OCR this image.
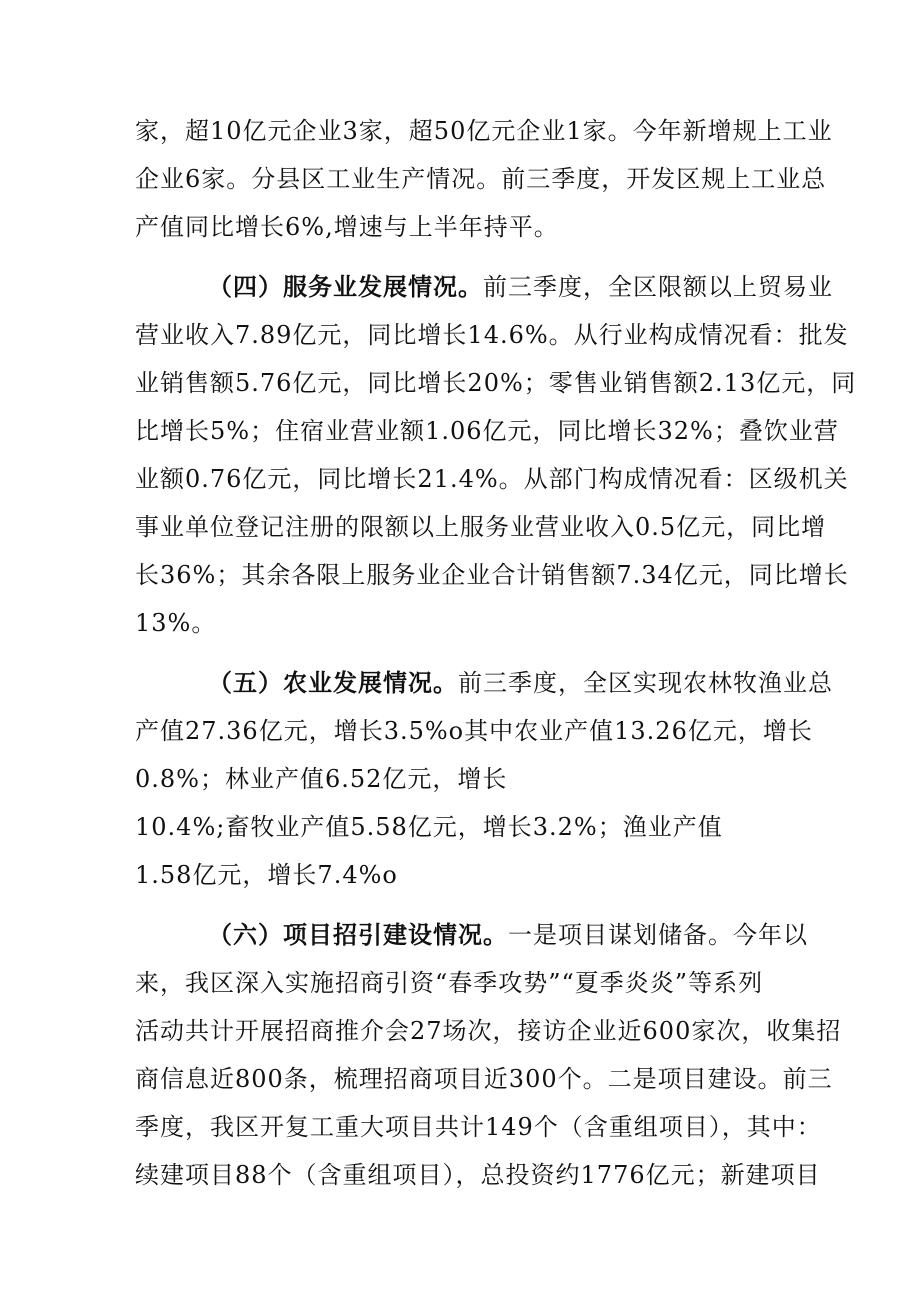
家，超10亿元企业3家，超50亿元企业1家。今年新增规上工业
企业6家。分县区工业生产情况。前三季度，开发区规上工业总
产值同比增长6%,增速与上半年持平。
（四）服务业发展情况。前三季度，全区限额以上贸易业
营业收入7.89亿元，同比增长14.6%。从行业构成情况看：批发
业销售额5.76亿元，同比增长20%；零售业销售额2.13亿元，同
比增长5%；住宿业营业额1.06亿元，同比增长32%；叠饮业营
业额0.76亿元，同比增长21.4%。从部门构成情况看：区级机关
事业单位登记注册的限额以上服务业营业收入0.5亿元，同比增
长36%；其余各限上服务业企业合计销售额7.34亿元，同比增长
13%。
（五）农业发展情况。前三季度，全区实现农林牧渔业总
产值27.36亿元，增长3.5%o其中农业产值13.26亿元，增长
0.8%；林业产值6.52亿元，增长
10.4%;畜牧业产值5.58亿元，增长3.2%；渔业产值
1.58亿元，增长7.4%o
（六）项目招引建设情况。一是项目谋划储备。今年以
来，我区深入实施招商引资“春季攻势”“夏季炎炎”等系列
活动共计开展招商推介会27场次，接访企业近600家次，收集招
商信息近800条，梳理招商项目近300个。二是项目建设。前三
季度，我区开复工重大项目共计149个（含重组项目），其中：
续建项目88个（含重组项目），总投资约1776亿元；新建项目
